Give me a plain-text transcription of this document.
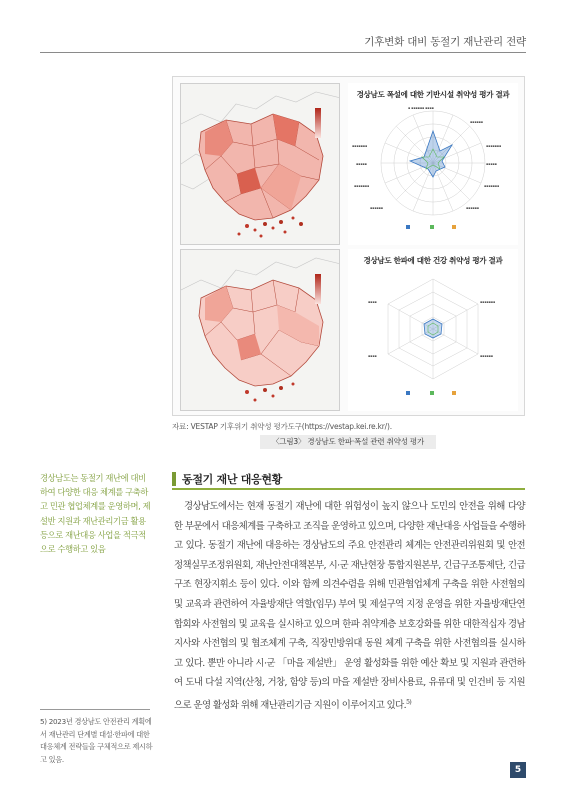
기후변화 대비 동절기 재난관리 전략
경상남도 폭설에 대한 기반시설 취약성 평가 결과
▪ ▪▪▪▪▪▪ ▪▪▪▪
▪▪▪▪▪▪
▪▪▪▪▪▪▪
▪▪▪▪▪
▪▪▪▪▪▪▪
▪▪▪▪▪▪
▪▪▪▪▪▪▪
▪▪▪▪▪
▪▪▪▪▪▪▪
▪▪▪▪▪▪
경상남도 한파에 대한 건강 취약성 평가 결과
▪▪▪▪▪▪▪
▪▪▪▪▪▪
▪▪▪▪
▪▪▪▪
자료: VESTAP 기후위기 취약성 평가도구(https://vestap.kei.re.kr/).
〈그림3〉 경상남도 한파·폭설 관련 취약성 평가
경상남도는 동절기 재난에 대비하여 다양한 대응 체계를 구축하고 민관 협업체계를 운영하며, 제설반 지원과 재난관리기금 활용 등으로 재난대응 사업을 적극적으로 수행하고 있음
동절기 재난 대응현황
경상남도에서는 현재 동절기 재난에 대한 위험성이 높지 않으나 도민의 안전을 위해 다양한 부문에서 대응체계를 구축하고 조직을 운영하고 있으며, 다양한 재난대응 사업들을 수행하고 있다. 동절기 재난에 대응하는 경상남도의 주요 안전관리 체계는 안전관리위원회 및 안전정책실무조정위원회, 재난안전대책본부, 시·군 재난현장 통합지원본부, 긴급구조통제단, 긴급구조 현장지휘소 등이 있다. 이와 함께 의견수렴을 위해 민관협업체계 구축을 위한 사전협의 및 교육과 관련하여 자율방재단 역할(임무) 부여 및 제설구역 지정 운영을 위한 자율방재단연합회와 사전협의 및 교육을 실시하고 있으며 한파 취약계층 보호강화를 위한 대한적십자 경남지사와 사전협의 및 협조체계 구축, 직장민방위대 동원 체계 구축을 위한 사전협의를 실시하고 있다. 뿐만 아니라 시·군 「마을 제설반」 운영 활성화를 위한 예산 확보 및 지원과 관련하여 도내 다설 지역(산청, 거창, 함양 등)의 마을 제설반 장비사용료, 유류대 및 인건비 등 지원으로 운영 활성화 위해 재난관리기금 지원이 이루어지고 있다.$^{5)}$
5) 2023년 경상남도 안전관리 계획에서 재난관리 단계별 대설·한파에 대한 대응체계 전략들을 구체적으로 제시하고 있음.
5
